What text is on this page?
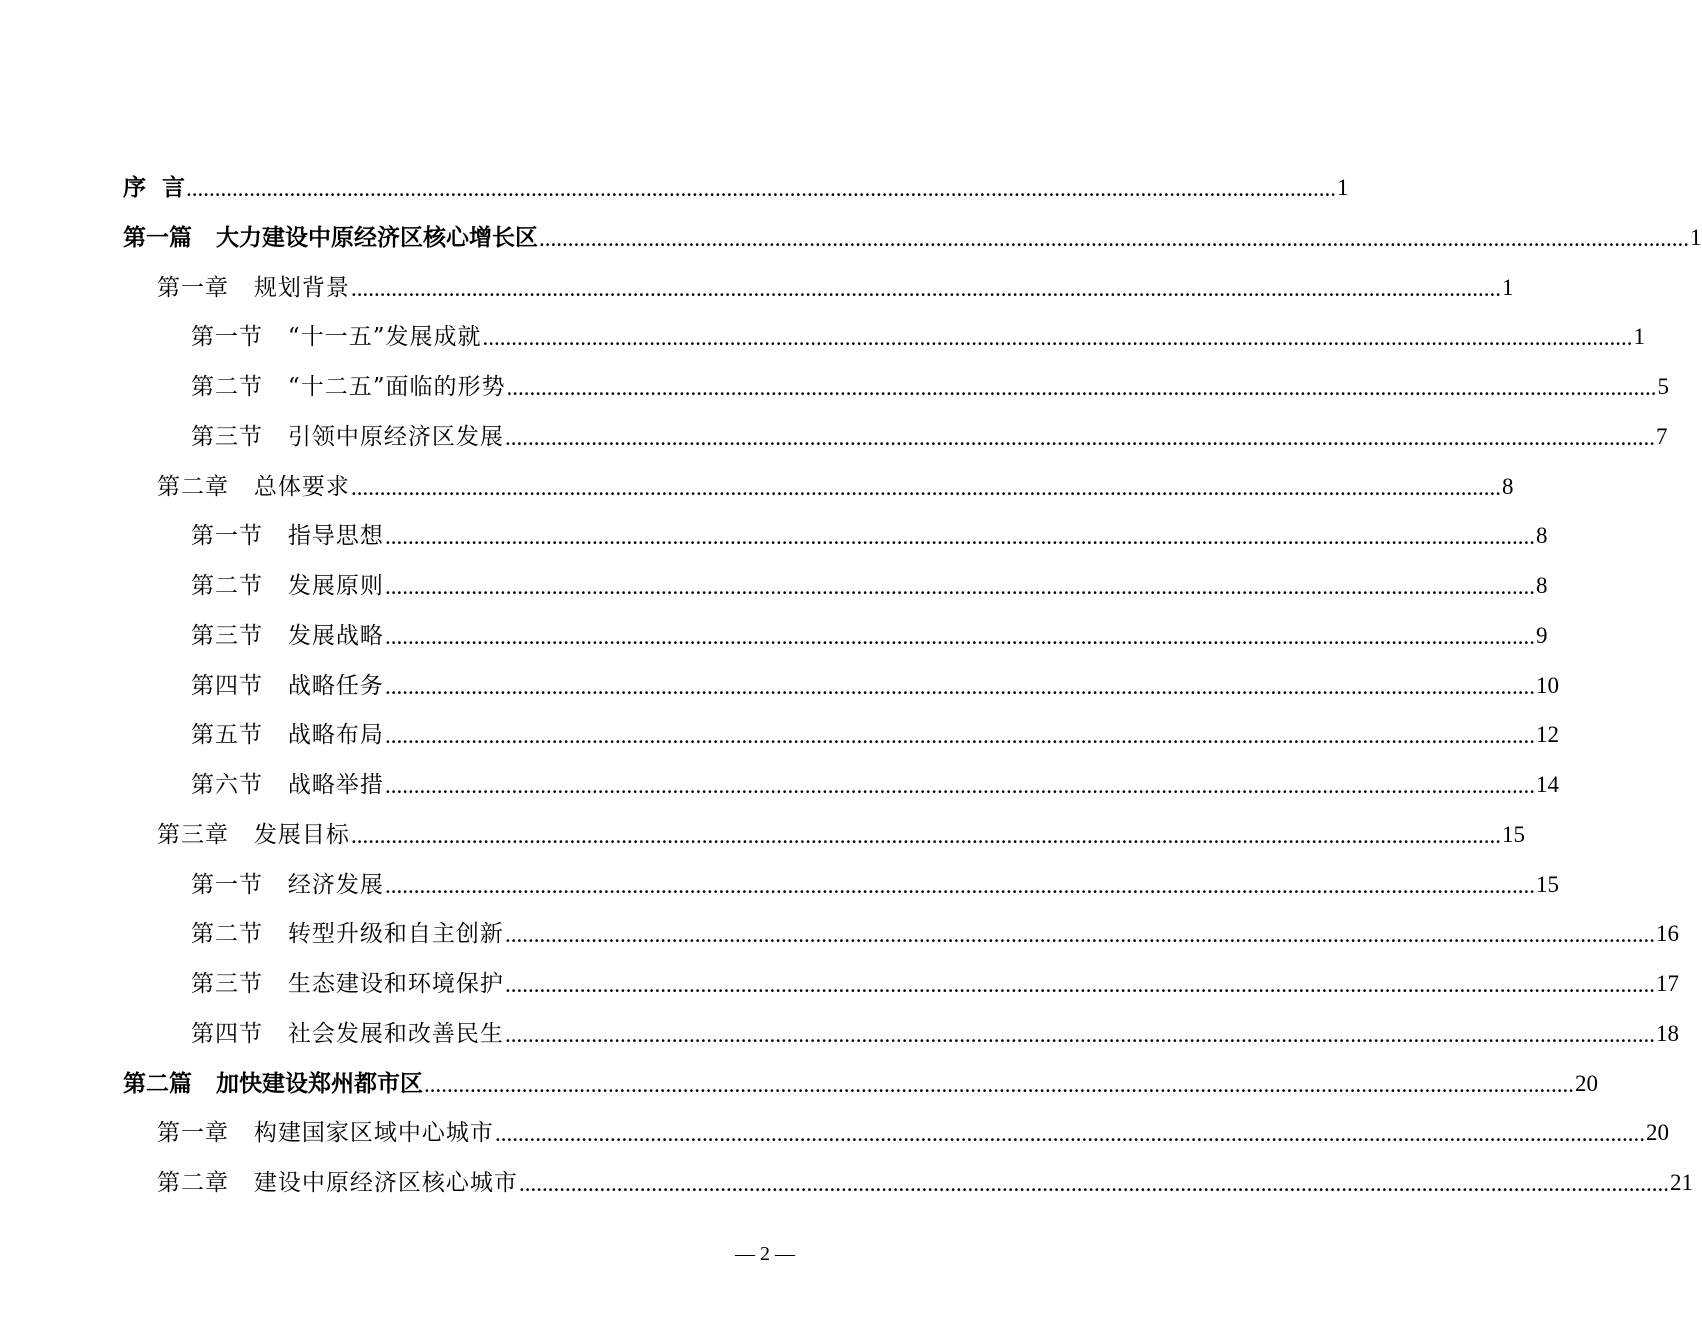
序  言 ........................................................................................................................................................................................................ 1
第一篇   大力建设中原经济区核心增长区 ........................................................................................................................................................................................................ 1
第一章   规划背景 ........................................................................................................................................................................................................ 1
第一节   “十一五”发展成就 ........................................................................................................................................................................................................ 1
第二节   “十二五”面临的形势 ........................................................................................................................................................................................................ 5
第三节   引领中原经济区发展 ........................................................................................................................................................................................................ 7
第二章   总体要求 ........................................................................................................................................................................................................ 8
第一节   指导思想 ........................................................................................................................................................................................................ 8
第二节   发展原则 ........................................................................................................................................................................................................ 8
第三节   发展战略 ........................................................................................................................................................................................................ 9
第四节   战略任务 ........................................................................................................................................................................................................ 10
第五节   战略布局 ........................................................................................................................................................................................................ 12
第六节   战略举措 ........................................................................................................................................................................................................ 14
第三章   发展目标 ........................................................................................................................................................................................................ 15
第一节   经济发展 ........................................................................................................................................................................................................ 15
第二节   转型升级和自主创新 ........................................................................................................................................................................................................ 16
第三节   生态建设和环境保护 ........................................................................................................................................................................................................ 17
第四节   社会发展和改善民生 ........................................................................................................................................................................................................ 18
第二篇   加快建设郑州都市区 ........................................................................................................................................................................................................ 20
第一章   构建国家区域中心城市 ........................................................................................................................................................................................................ 20
第二章   建设中原经济区核心城市 ........................................................................................................................................................................................................ 21
— 2 —
